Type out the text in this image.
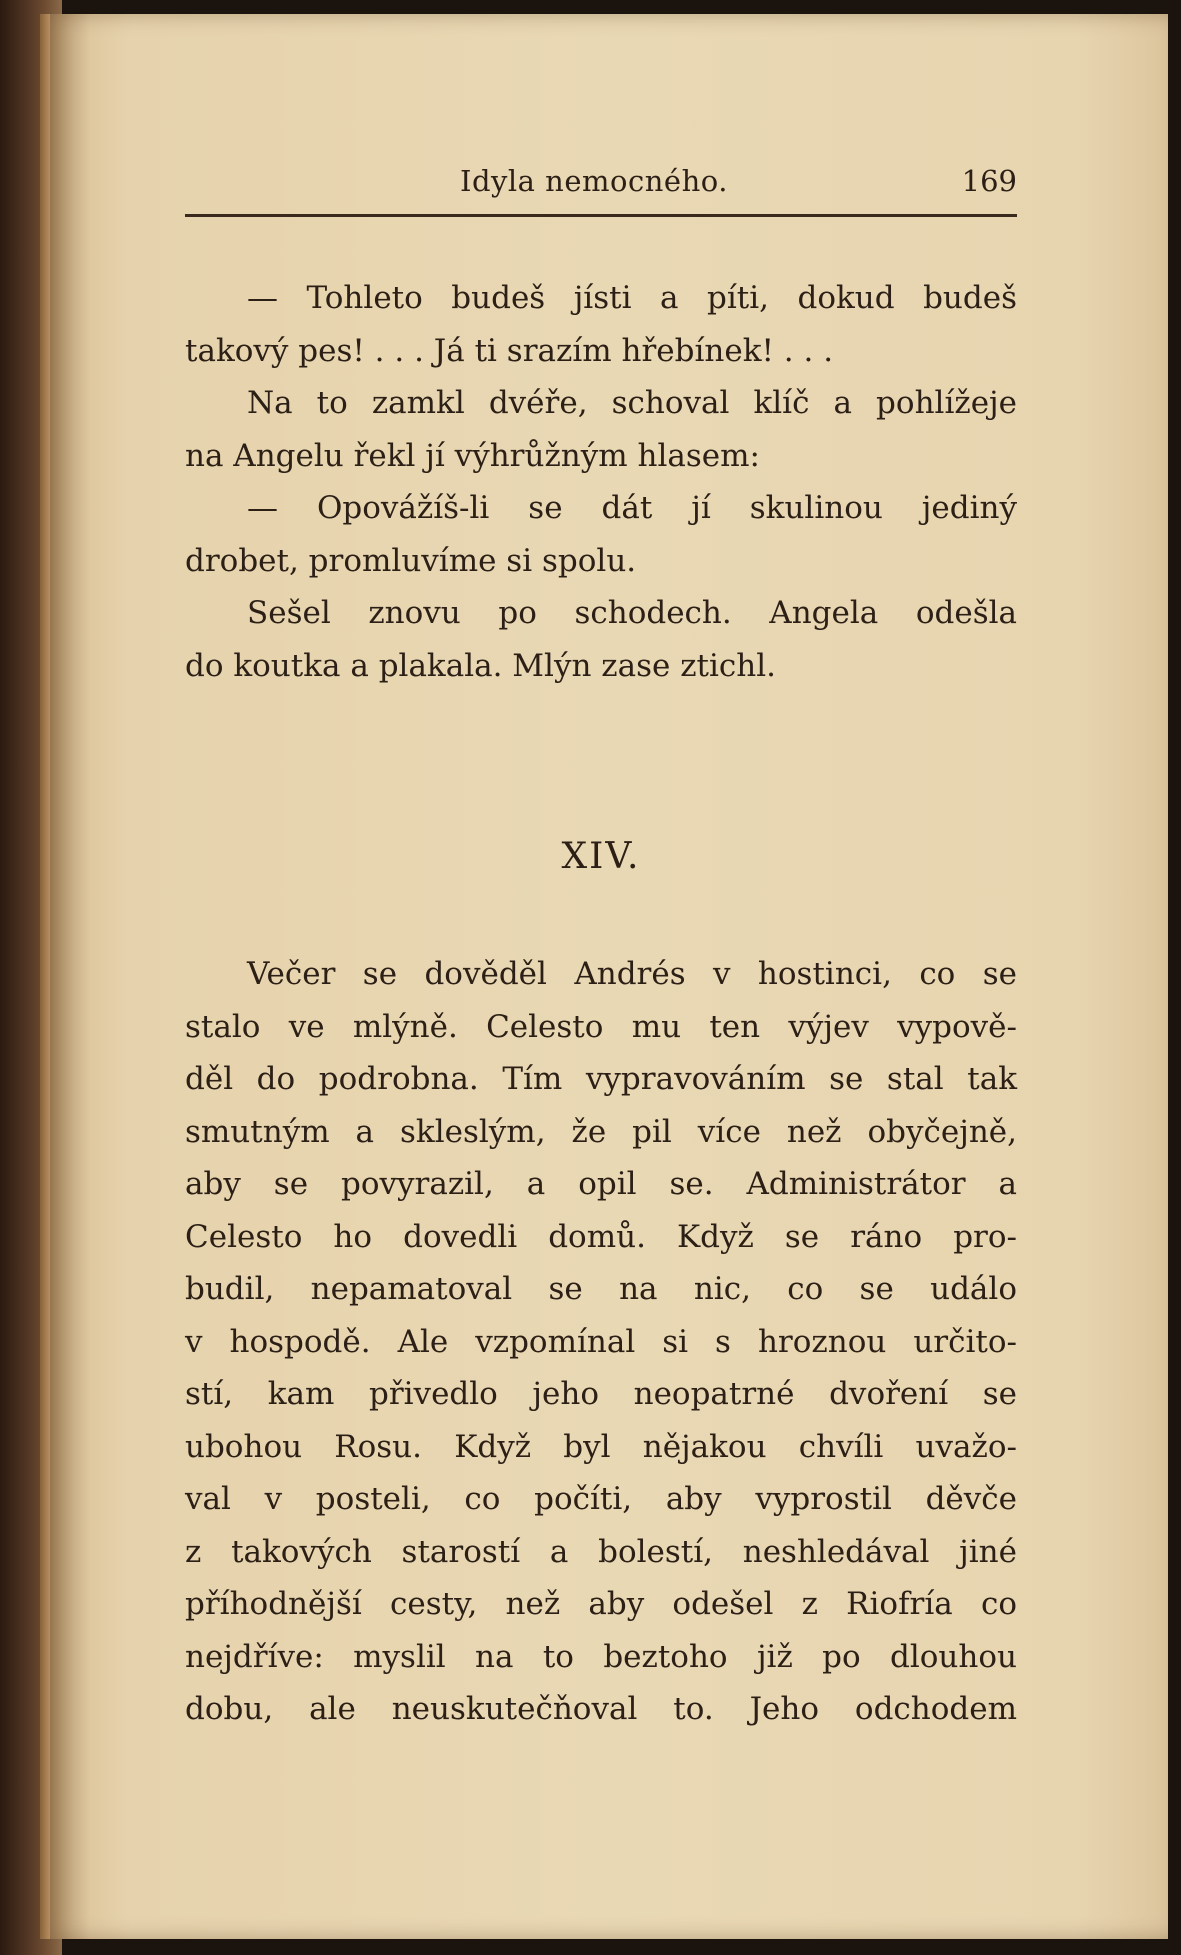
Idyla nemocného.	169
— Tohleto budeš jísti a píti, dokud budeš
takový pes! . . . Já ti srazím hřebínek! . . .
Na to zamkl dvéře, schoval klíč a pohlížeje
na Angelu řekl jí výhrůžným hlasem:
— Opovážíš-li se dát jí skulinou jediný
drobet, promluvíme si spolu.
Sešel znovu po schodech. Angela odešla
do koutka a plakala. Mlýn zase ztichl.
XIV.
Večer se dověděl Andrés v hostinci, co se
stalo ve mlýně. Celesto mu ten výjev vypově-
děl do podrobna. Tím vypravováním se stal tak
smutným a skleslým, že pil více než obyčejně,
aby se povyrazil, a opil se. Administrátor a
Celesto ho dovedli domů. Když se ráno pro-
budil, nepamatoval se na nic, co se událo
v hospodě. Ale vzpomínal si s hroznou určito-
stí, kam přivedlo jeho neopatrné dvoření se
ubohou Rosu. Když byl nějakou chvíli uvažo-
val v posteli, co počíti, aby vyprostil děvče
z takových starostí a bolestí, neshledával jiné
příhodnější cesty, než aby odešel z Riofría co
nejdříve: myslil na to beztoho již po dlouhou
dobu, ale neuskutečňoval to. Jeho odchodem
